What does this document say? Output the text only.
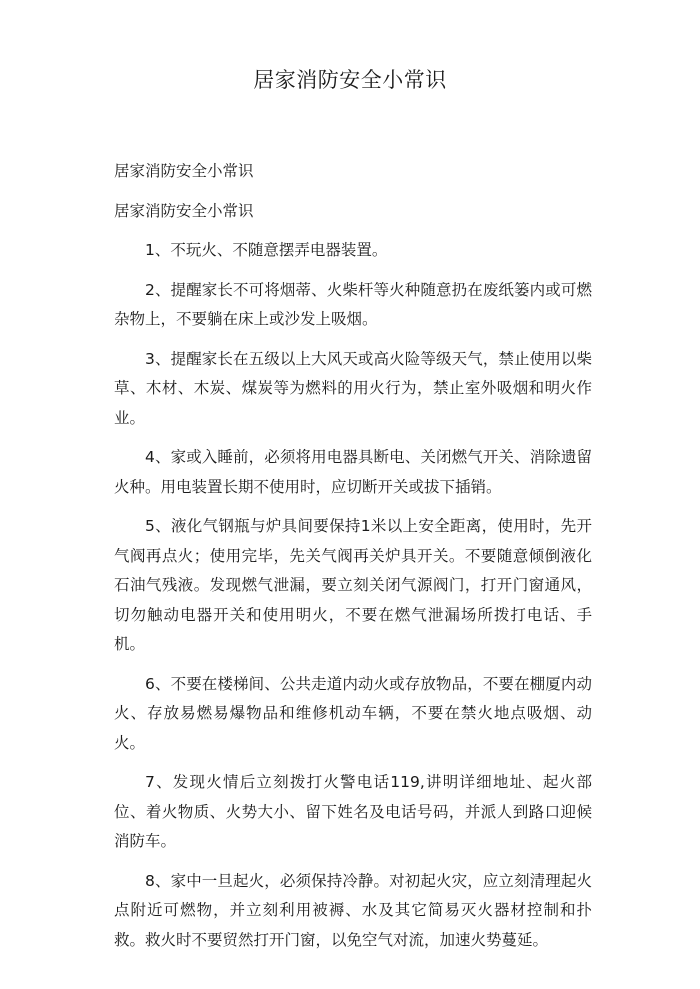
居家消防安全小常识

居家消防安全小常识

居家消防安全小常识

1、不玩火、不随意摆弄电器装置。

2、提醒家长不可将烟蒂、火柴杆等火种随意扔在废纸篓内或可燃杂物上，不要躺在床上或沙发上吸烟。

3、提醒家长在五级以上大风天或高火险等级天气，禁止使用以柴草、木材、木炭、煤炭等为燃料的用火行为，禁止室外吸烟和明火作业。

4、家或入睡前，必须将用电器具断电、关闭燃气开关、消除遗留火种。用电装置长期不使用时，应切断开关或拔下插销。

5、液化气钢瓶与炉具间要保持1米以上安全距离，使用时，先开气阀再点火；使用完毕，先关气阀再关炉具开关。不要随意倾倒液化石油气残液。发现燃气泄漏，要立刻关闭气源阀门，打开门窗通风，切勿触动电器开关和使用明火，不要在燃气泄漏场所拨打电话、手机。

6、不要在楼梯间、公共走道内动火或存放物品，不要在棚厦内动火、存放易燃易爆物品和维修机动车辆，不要在禁火地点吸烟、动火。

7、发现火情后立刻拨打火警电话119,讲明详细地址、起火部位、着火物质、火势大小、留下姓名及电话号码，并派人到路口迎候消防车。

8、家中一旦起火，必须保持冷静。对初起火灾，应立刻清理起火点附近可燃物，并立刻利用被褥、水及其它简易灭火器材控制和扑救。救火时不要贸然打开门窗，以免空气对流，加速火势蔓延。
